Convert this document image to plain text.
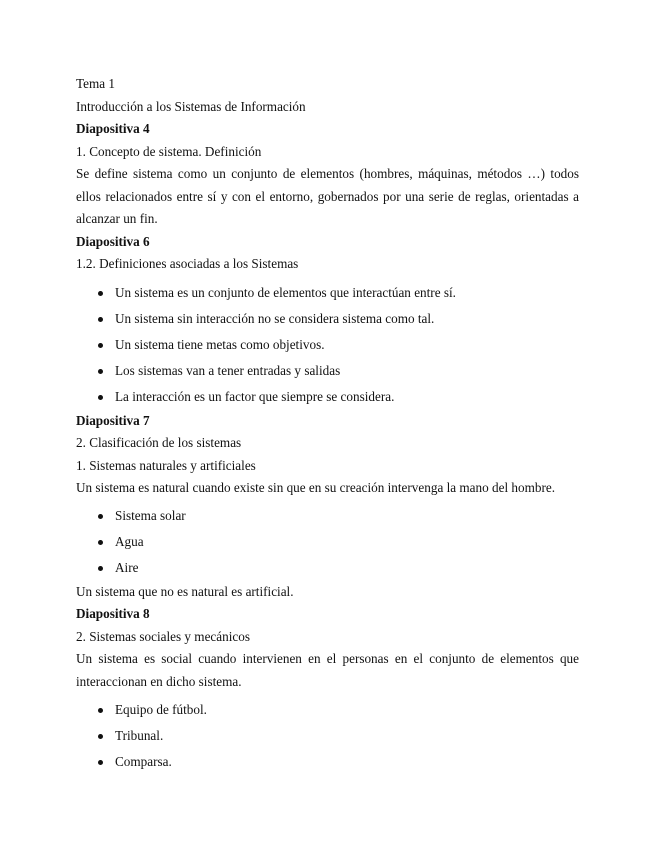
Tema 1
Introducción a los Sistemas de Información
Diapositiva 4
1. Concepto de sistema. Definición
Se define sistema como un conjunto de elementos (hombres, máquinas, métodos …) todos ellos relacionados entre sí y con el entorno, gobernados por una serie de reglas, orientadas a alcanzar un fin.
Diapositiva 6
1.2. Definiciones asociadas a los Sistemas
Un sistema es un conjunto de elementos que interactúan entre sí.
Un sistema sin interacción no se considera sistema como tal.
Un sistema tiene metas como objetivos.
Los sistemas van a tener entradas y salidas
La interacción es un factor que siempre se considera.
Diapositiva 7
2. Clasificación de los sistemas
1. Sistemas naturales y artificiales
Un sistema es natural cuando existe sin que en su creación intervenga la mano del hombre.
Sistema solar
Agua
Aire
Un sistema que no es natural es artificial.
Diapositiva 8
2. Sistemas sociales y mecánicos
Un sistema es social cuando intervienen en el personas en el conjunto de elementos que interaccionan en dicho sistema.
Equipo de fútbol.
Tribunal.
Comparsa.
